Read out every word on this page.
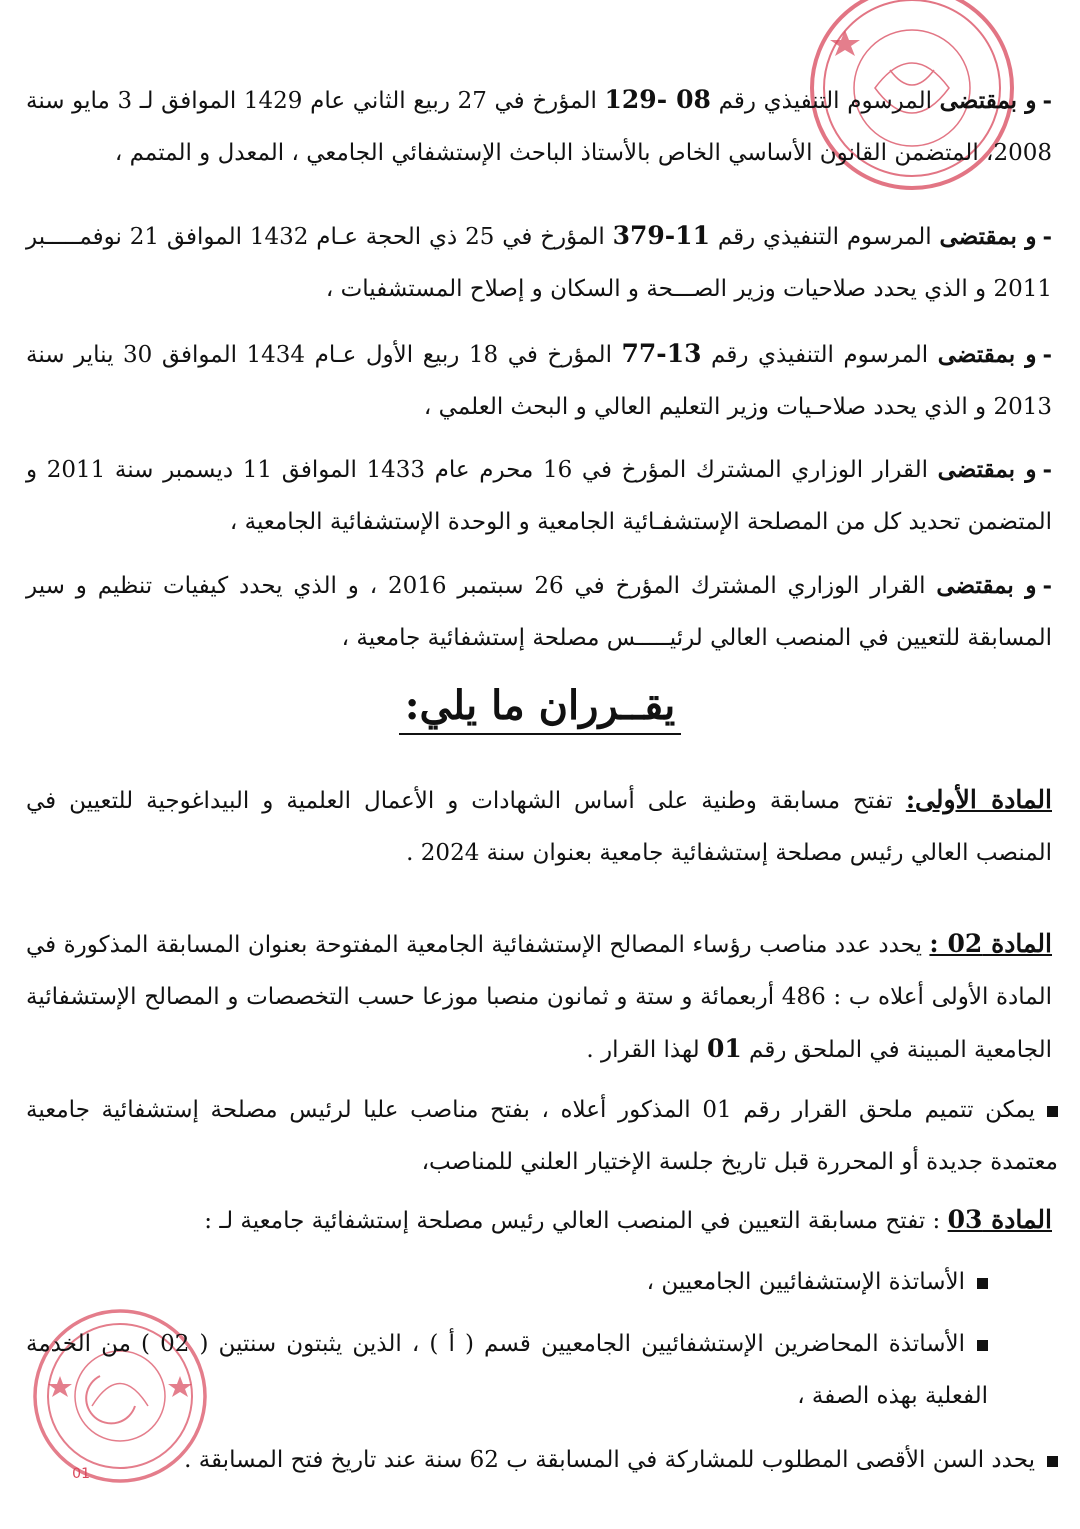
01
-و بمقتضى المرسوم التنفيذي رقم 08 -129 المؤرخ في 27 ربيع الثاني عام 1429 الموافق لـ 3 مايو سنة 2008، المتضمن القانون الأساسي الخاص بالأستاذ الباحث الإستشفائي الجامعي ، المعدل و المتمم ،
-و بمقتضى المرسوم التنفيذي رقم 11-379 المؤرخ في 25 ذي الحجة عـام 1432 الموافق 21 نوفمـــــبر 2011 و الذي يحدد صلاحيات وزير الصـــحة و السكان و إصلاح المستشفيات ،
-و بمقتضى المرسوم التنفيذي رقم 13-77 المؤرخ في 18 ربيع الأول عـام 1434 الموافق 30 يناير سنة 2013 و الذي يحدد صلاحـيات وزير التعليم العالي و البحث العلمي ،
-و بمقتضى القرار الوزاري المشترك المؤرخ في 16 محرم عام 1433 الموافق 11 ديسمبر سنة 2011 و المتضمن تحديد كل من المصلحة الإستشفـائية الجامعية و الوحدة الإستشفائية الجامعية ،
-و بمقتضى القرار الوزاري المشترك المؤرخ في 26 سبتمبر 2016 ، و الذي يحدد كيفيات تنظيم و سير المسابقة للتعيين في المنصب العالي لرئيـــــس مصلحة إستشفائية جامعية ،
يقــرران ما يلي:
المادة الأولى: تفتح مسابقة وطنية على أساس الشهادات و الأعمال العلمية و البيداغوجية للتعيين في المنصب العالي رئيس مصلحة إستشفائية جامعية بعنوان سنة 2024 .
المادة 02 : يحدد عدد مناصب رؤساء المصالح الإستشفائية الجامعية المفتوحة بعنوان المسابقة المذكورة في المادة الأولى أعلاه ب : 486 أربعمائة و ستة و ثمانون منصبا موزعا حسب التخصصات و المصالح الإستشفائية الجامعية المبينة في الملحق رقم 01 لهذا القرار .
يمكن تتميم ملحق القرار رقم 01 المذكور أعلاه ، بفتح مناصب عليا لرئيس مصلحة إستشفائية جامعية معتمدة جديدة أو المحررة قبل تاريخ جلسة الإختيار العلني للمناصب،
المادة 03 : تفتح مسابقة التعيين في المنصب العالي رئيس مصلحة إستشفائية جامعية لـ :
الأساتذة الإستشفائيين الجامعيين ،
الأساتذة المحاضرين الإستشفائيين الجامعيين قسم ( أ ) ، الذين يثبتون سنتين ( 02 ) من الخدمة الفعلية بهذه الصفة ،
يحدد السن الأقصى المطلوب للمشاركة في المسابقة ب 62 سنة عند تاريخ فتح المسابقة .
